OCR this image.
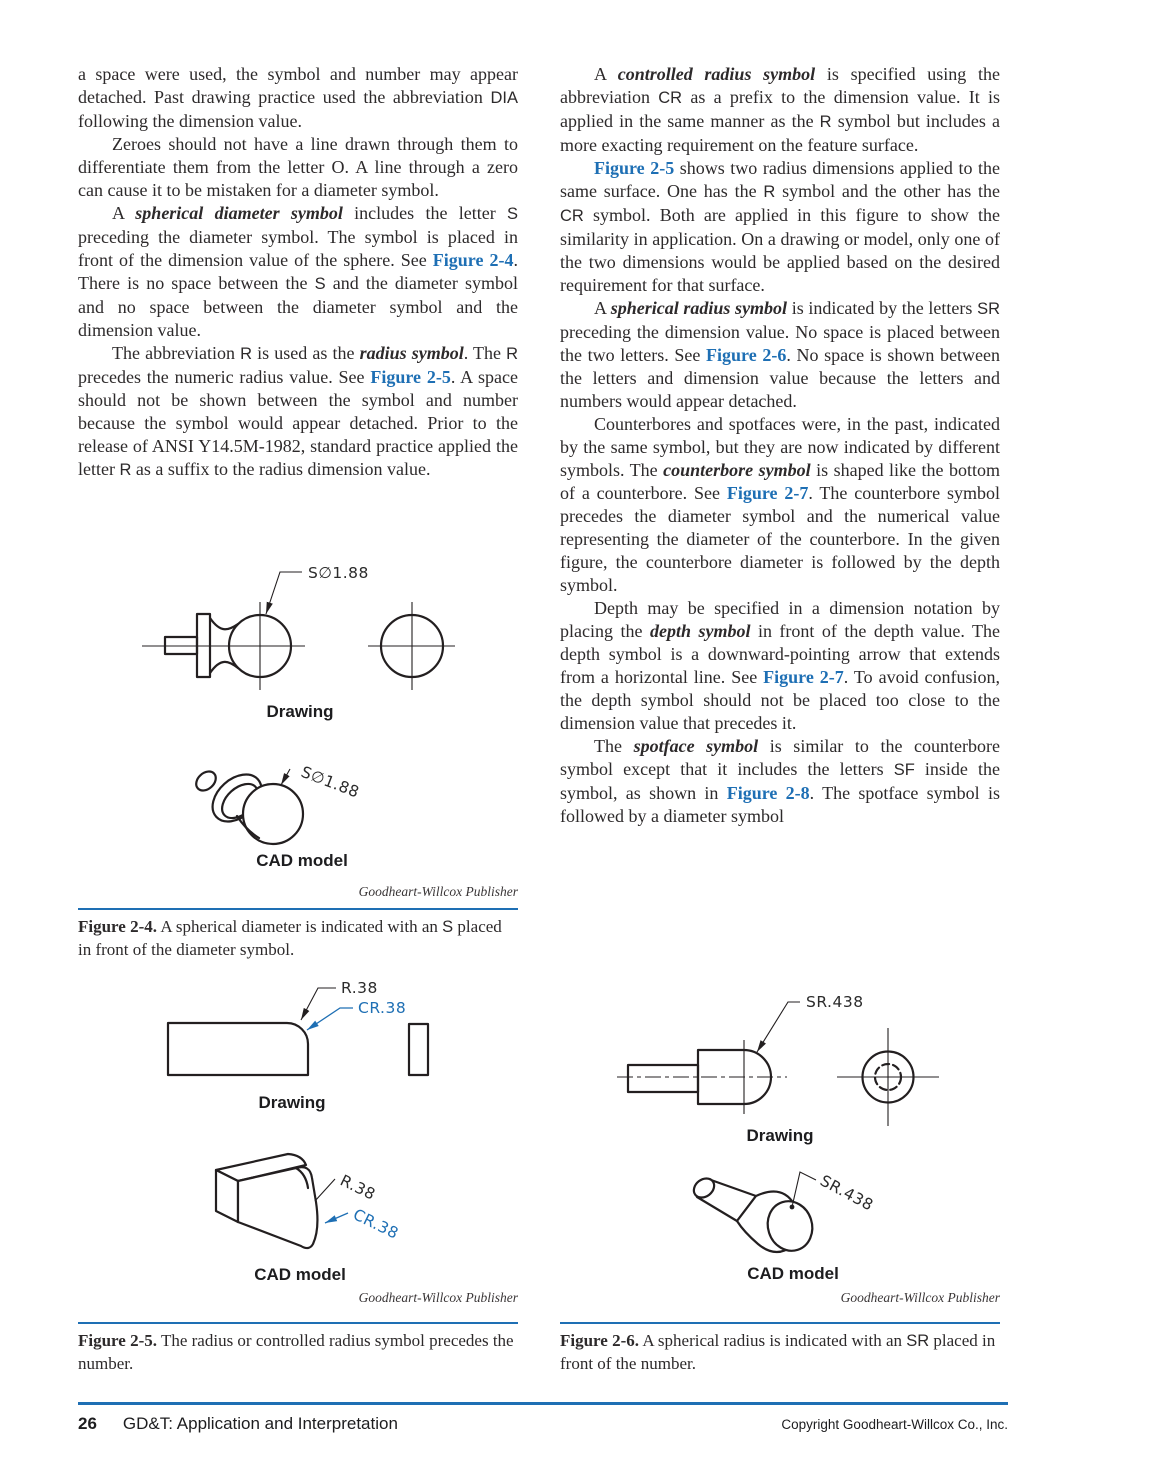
a space were used, the symbol and number may appear detached. Past drawing practice used the abbreviation DIA following the dimension value.

Zeroes should not have a line drawn through them to differentiate them from the letter O. A line through a zero can cause it to be mistaken for a diameter symbol.

A spherical diameter symbol includes the letter S preceding the diameter symbol. The symbol is placed in front of the dimension value of the sphere. See Figure 2-4. There is no space between the S and the diameter symbol and no space between the diameter symbol and the dimension value.

The abbreviation R is used as the radius symbol. The R precedes the numeric radius value. See Figure 2-5. A space should not be shown between the symbol and number because the symbol would appear detached. Prior to the release of ANSI Y14.5M-1982, standard practice applied the letter R as a suffix to the radius dimension value.

A controlled radius symbol is specified using the abbreviation CR as a prefix to the dimension value. It is applied in the same manner as the R symbol but includes a more exacting requirement on the feature surface.

Figure 2-5 shows two radius dimensions applied to the same surface. One has the R symbol and the other has the CR symbol. Both are applied in this figure to show the similarity in application. On a drawing or model, only one of the two dimensions would be applied based on the desired requirement for that surface.

A spherical radius symbol is indicated by the letters SR preceding the dimension value. No space is placed between the two letters. See Figure 2-6. No space is shown between the letters and dimension value because the letters and numbers would appear detached.

Counterbores and spotfaces were, in the past, indicated by the same symbol, but they are now indicated by different symbols. The counterbore symbol is shaped like the bottom of a counterbore. See Figure 2-7. The counterbore symbol precedes the diameter symbol and the numerical value representing the diameter of the counterbore. In the given figure, the counterbore diameter is followed by the depth symbol.

Depth may be specified in a dimension notation by placing the depth symbol in front of the depth value. The depth symbol is a downward-pointing arrow that extends from a horizontal line. See Figure 2-7. To avoid confusion, the depth symbol should not be placed too close to the dimension value that precedes it.

The spotface symbol is similar to the counterbore symbol except that it includes the letters SF inside the symbol, as shown in Figure 2-8. The spotface symbol is followed by a diameter symbol

S∅1.88
Drawing
S∅1.88
CAD model
Goodheart-Willcox Publisher

Figure 2-4. A spherical diameter is indicated with an S placed in front of the diameter symbol.

R.38
CR.38
Drawing
R.38
CR.38
CAD model
Goodheart-Willcox Publisher

Figure 2-5. The radius or controlled radius symbol precedes the number.

SR.438
Drawing
SR.438
CAD model
Goodheart-Willcox Publisher

Figure 2-6. A spherical radius is indicated with an SR placed in front of the number.

26 GD&T: Application and Interpretation	Copyright Goodheart-Willcox Co., Inc.
